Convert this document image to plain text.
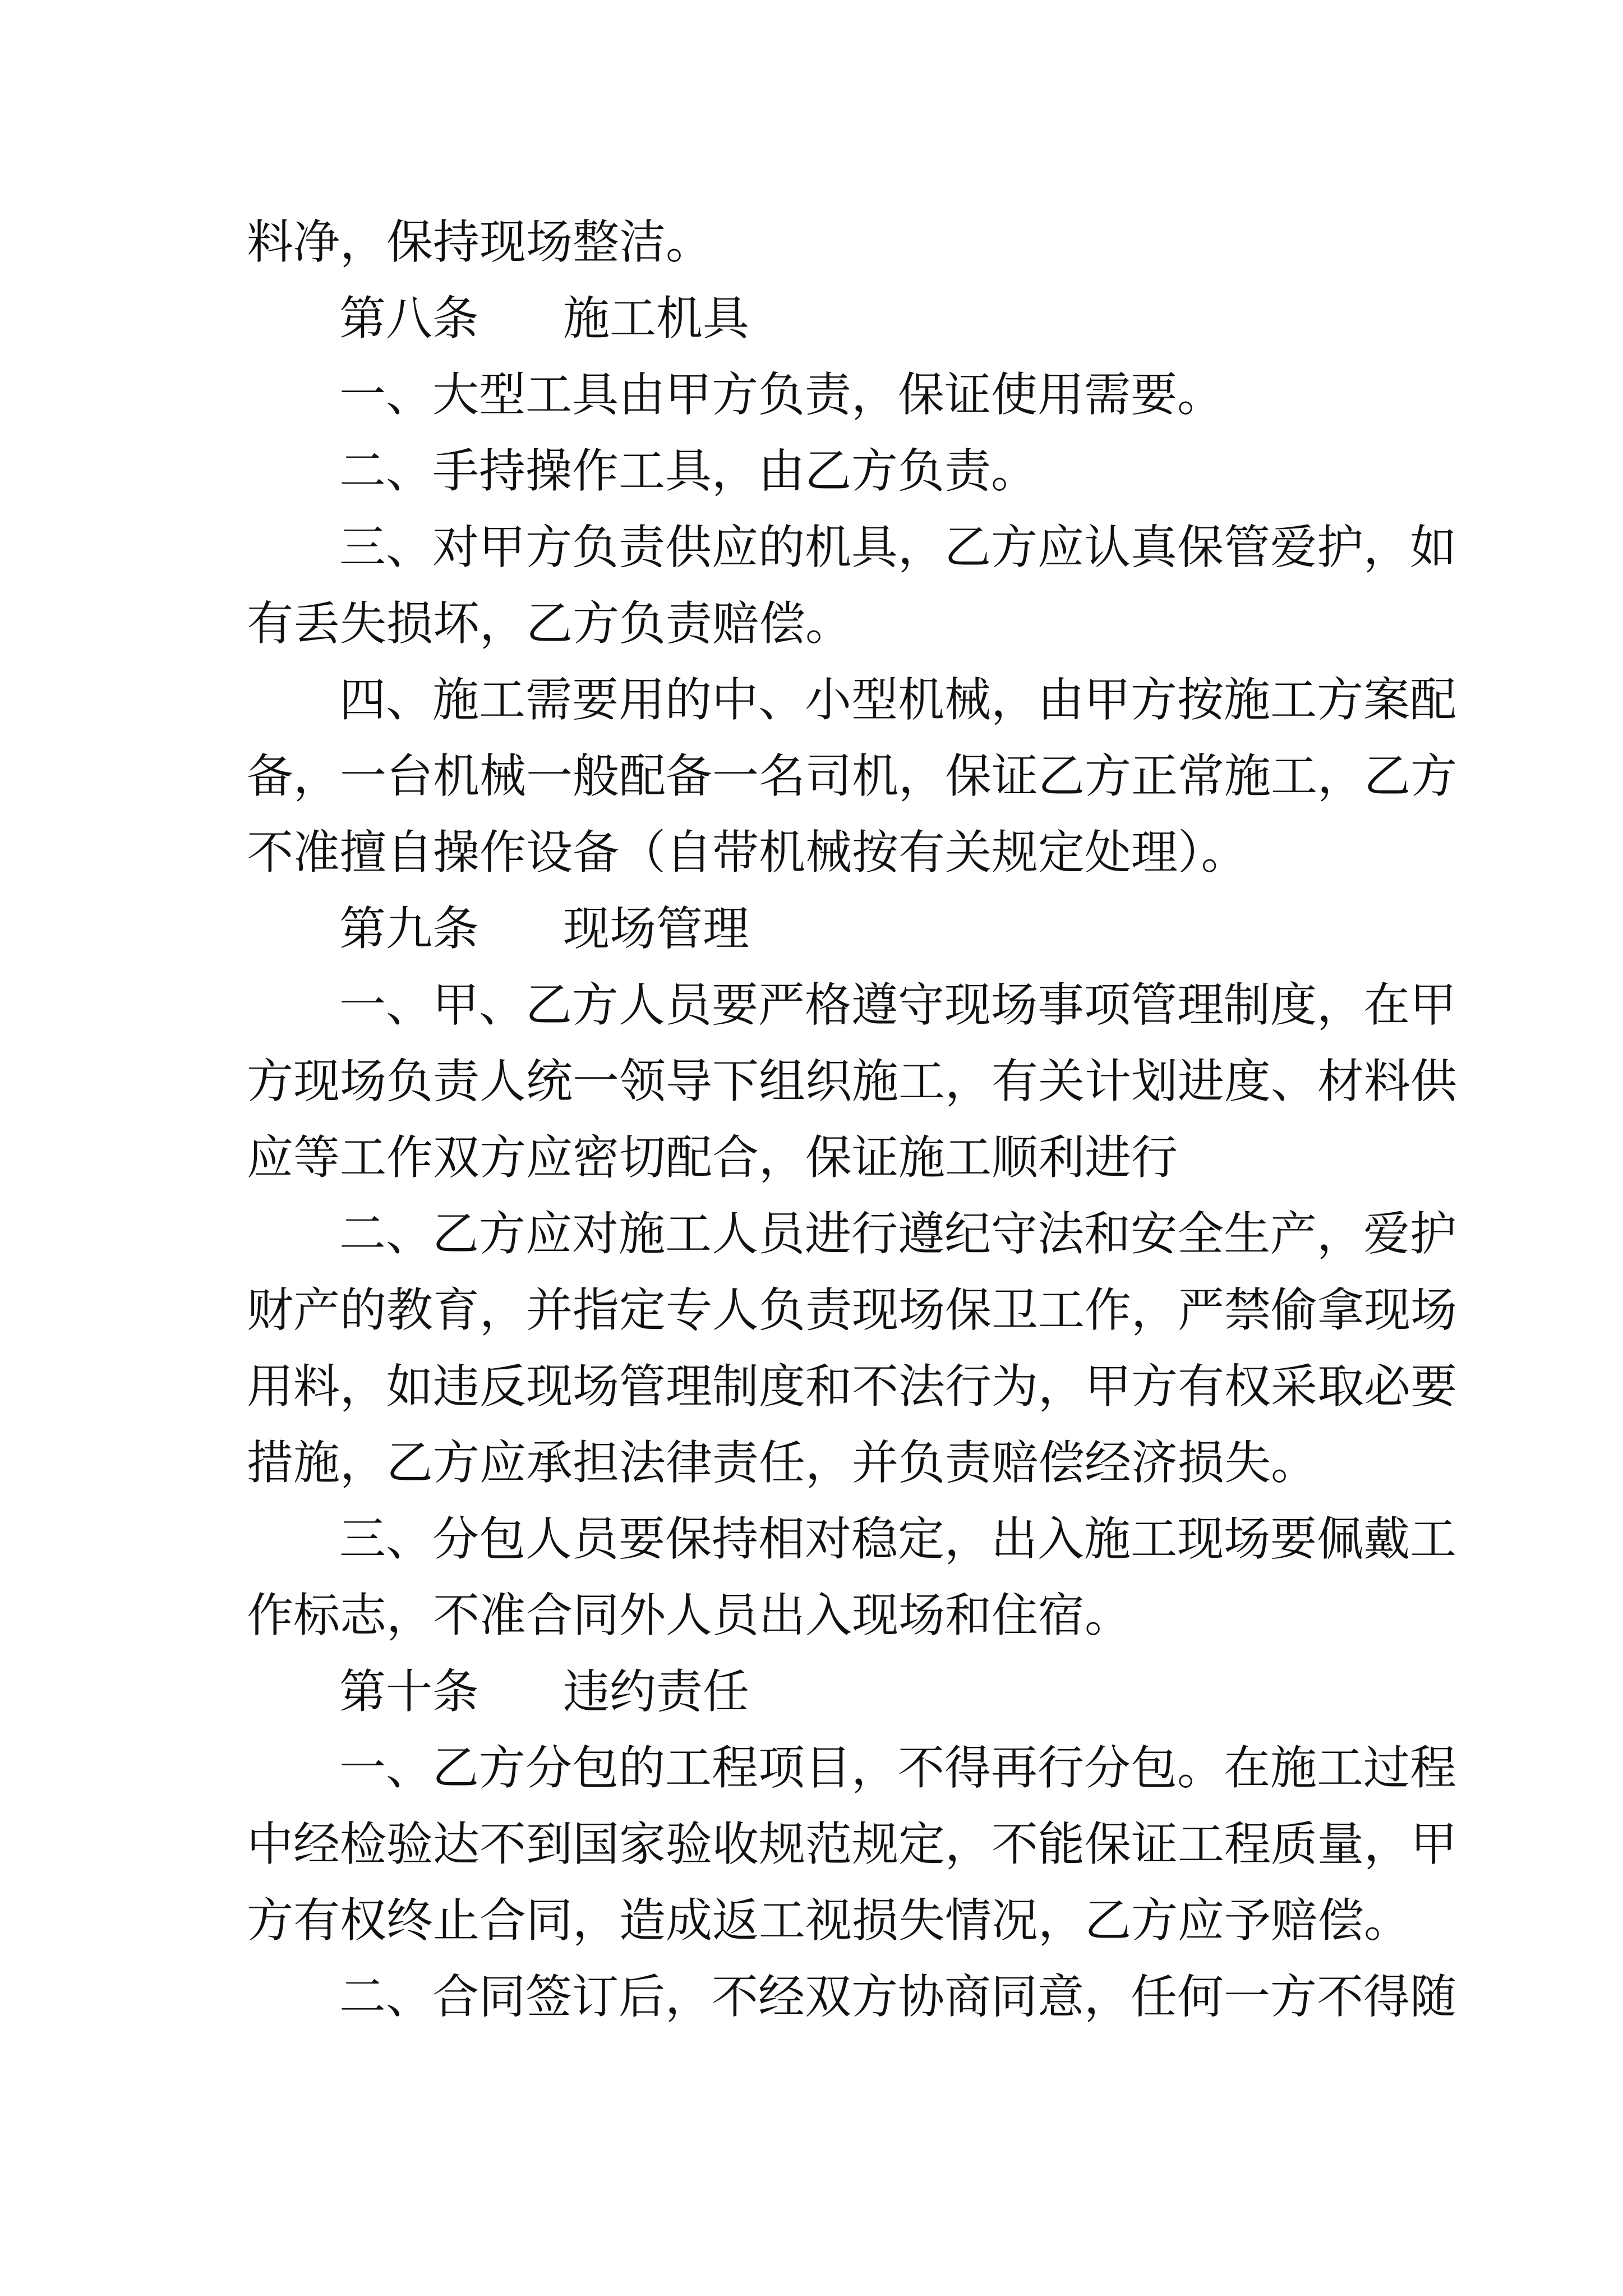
料净，保持现场整洁。
第八条 施工机具
一、大型工具由甲方负责，保证使用需要。
二、手持操作工具，由乙方负责。
三、对甲方负责供应的机具，乙方应认真保管爱护，如
有丢失损坏，乙方负责赔偿。
四、施工需要用的中、小型机械，由甲方按施工方案配
备，一台机械一般配备一名司机，保证乙方正常施工，乙方
不准擅自操作设备（自带机械按有关规定处理）。
第九条 现场管理
一、甲、乙方人员要严格遵守现场事项管理制度，在甲
方现场负责人统一领导下组织施工，有关计划进度、材料供
应等工作双方应密切配合，保证施工顺利进行
二、乙方应对施工人员进行遵纪守法和安全生产，爱护
财产的教育，并指定专人负责现场保卫工作，严禁偷拿现场
用料，如违反现场管理制度和不法行为，甲方有权采取必要
措施，乙方应承担法律责任，并负责赔偿经济损失。
三、分包人员要保持相对稳定，出入施工现场要佩戴工
作标志，不准合同外人员出入现场和住宿。
第十条 违约责任
一、乙方分包的工程项目，不得再行分包。在施工过程
中经检验达不到国家验收规范规定，不能保证工程质量，甲
方有权终止合同，造成返工视损失情况，乙方应予赔偿。
二、合同签订后，不经双方协商同意，任何一方不得随
